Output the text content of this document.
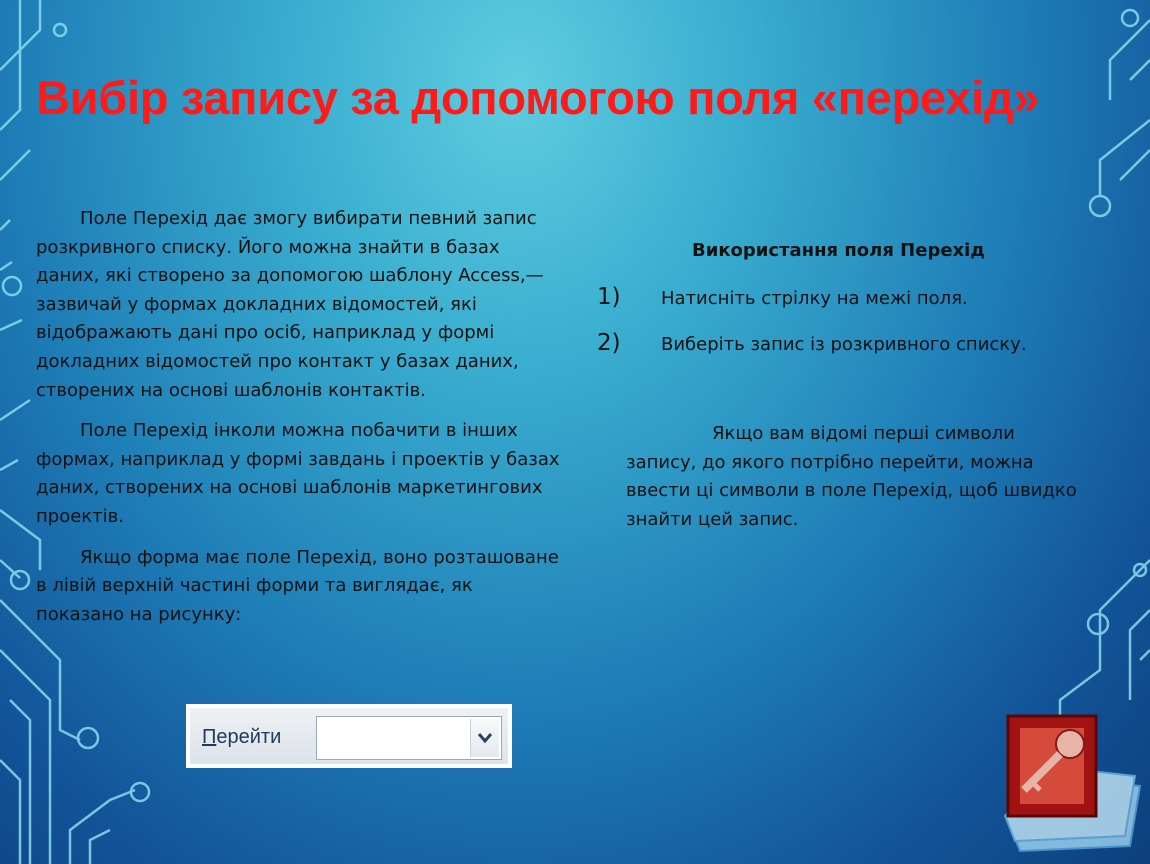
Вибір запису за допомогою поля «перехід»

Поле Перехід дає змогу вибирати певний запис розкривного списку. Його можна знайти в базах даних, які створено за допомогою шаблону Access,— зазвичай у формах докладних відомостей, які відображають дані про осіб, наприклад у формі докладних відомостей про контакт у базах даних, створених на основі шаблонів контактів.

Поле Перехід інколи можна побачити в інших формах, наприклад у формі завдань і проектів у базах даних, створених на основі шаблонів маркетингових проектів.

Якщо форма має поле Перехід, воно розташоване в лівій верхній частині форми та виглядає, як показано на рисунку:

Використання поля Перехід
1) Натисніть стрілку на межі поля.
2) Виберіть запис із розкривного списку.

Якщо вам відомі перші символи запису, до якого потрібно перейти, можна ввести ці символи в поле Перехід, щоб швидко знайти цей запис.

Перейти
